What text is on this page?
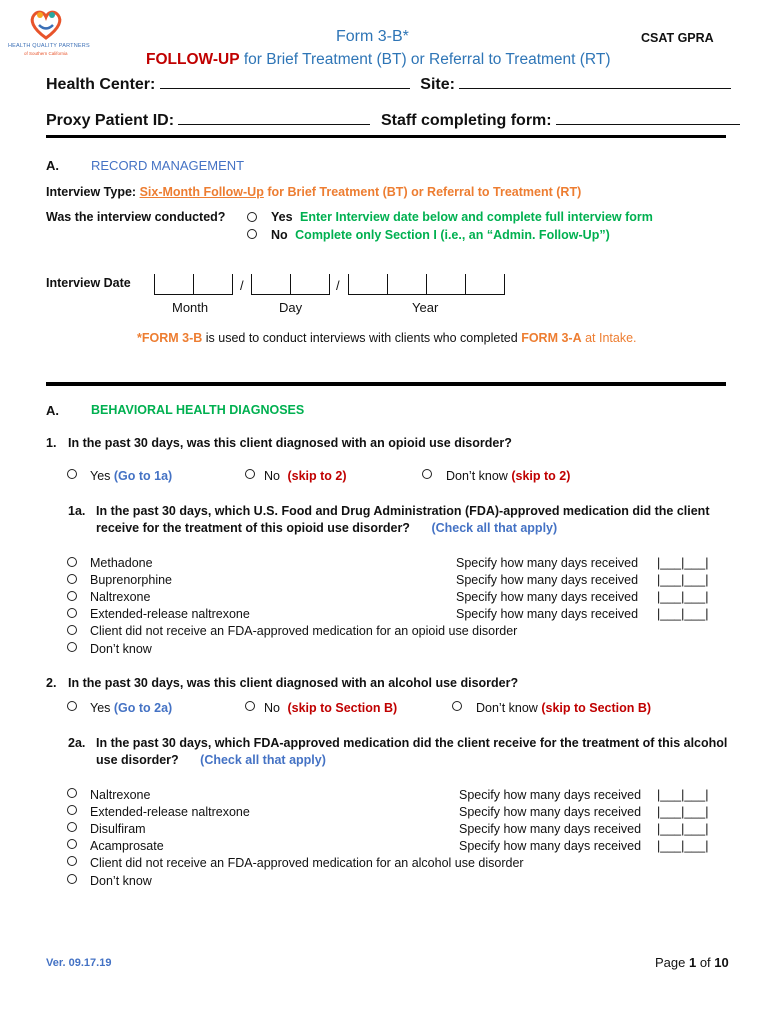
HEALTH QUALITY PARTNERS
of Southern California
Form 3-B*	CSAT GPRA
FOLLOW-UP for Brief Treatment (BT) or Referral to Treatment (RT)
Health Center:	Site:
Proxy Patient ID:	Staff completing form:
A. RECORD MANAGEMENT
Interview Type: Six-Month Follow-Up for Brief Treatment (BT) or Referral to Treatment (RT)
Was the interview conducted?	Yes Enter Interview date below and complete full interview form
No Complete only Section I (i.e., an “Admin. Follow-Up”)
Interview Date	/	/
Month	Day	Year
*FORM 3-B is used to conduct interviews with clients who completed FORM 3-A at Intake.
A.	BEHAVIORAL HEALTH DIAGNOSES
1. In the past 30 days, was this client diagnosed with an opioid use disorder?
Yes (Go to 1a)	No (skip to 2)	Don’t know (skip to 2)
1a. In the past 30 days, which U.S. Food and Drug Administration (FDA)-approved medication did the client
receive for the treatment of this opioid use disorder? (Check all that apply)
Methadone	Specify how many days received |___|___|
Buprenorphine	Specify how many days received |___|___|
Naltrexone	Specify how many days received |___|___|
Extended-release naltrexone	Specify how many days received |___|___|
Client did not receive an FDA-approved medication for an opioid use disorder
Don’t know
2. In the past 30 days, was this client diagnosed with an alcohol use disorder?
Yes (Go to 2a)	No (skip to Section B)	Don’t know (skip to Section B)
2a. In the past 30 days, which FDA-approved medication did the client receive for the treatment of this alcohol
use disorder? (Check all that apply)
Naltrexone	Specify how many days received |___|___|
Extended-release naltrexone	Specify how many days received |___|___|
Disulfiram	Specify how many days received |___|___|
Acamprosate	Specify how many days received |___|___|
Client did not receive an FDA-approved medication for an alcohol use disorder
Don’t know
Ver. 09.17.19	Page 1 of 10
